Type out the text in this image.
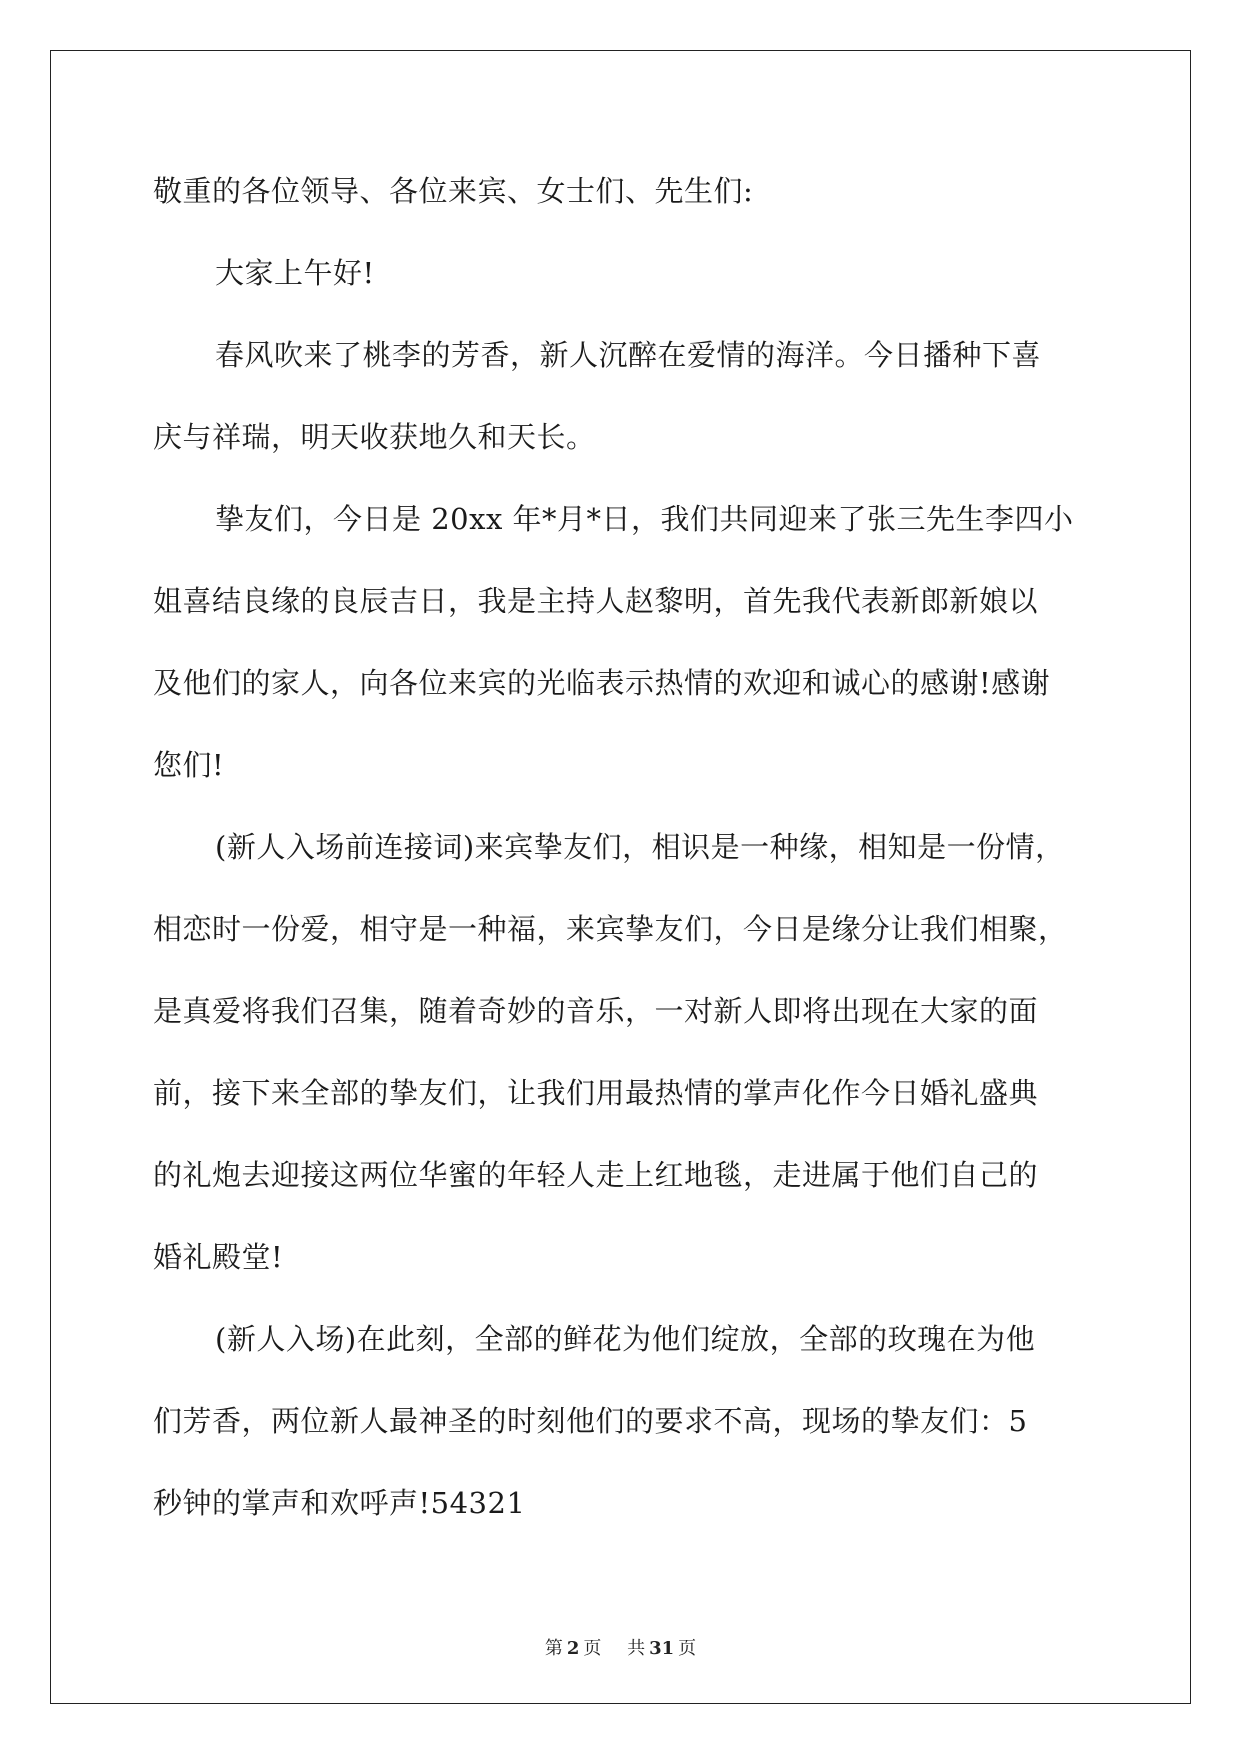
敬重的各位领导、各位来宾、女士们、先生们:
大家上午好!
春风吹来了桃李的芳香，新人沉醉在爱情的海洋。今日播种下喜
庆与祥瑞，明天收获地久和天长。
挚友们，今日是 20xx 年*月*日，我们共同迎来了张三先生李四小
姐喜结良缘的良辰吉日，我是主持人赵黎明，首先我代表新郎新娘以
及他们的家人，向各位来宾的光临表示热情的欢迎和诚心的感谢!感谢
您们!
(新人入场前连接词)来宾挚友们，相识是一种缘，相知是一份情，
相恋时一份爱，相守是一种福，来宾挚友们，今日是缘分让我们相聚，
是真爱将我们召集，随着奇妙的音乐，一对新人即将出现在大家的面
前，接下来全部的挚友们，让我们用最热情的掌声化作今日婚礼盛典
的礼炮去迎接这两位华蜜的年轻人走上红地毯，走进属于他们自己的
婚礼殿堂!
(新人入场)在此刻，全部的鲜花为他们绽放，全部的玫瑰在为他
们芳香，两位新人最神圣的时刻他们的要求不高，现场的挚友们：5
秒钟的掌声和欢呼声!54321
第 2 页 共 31 页
